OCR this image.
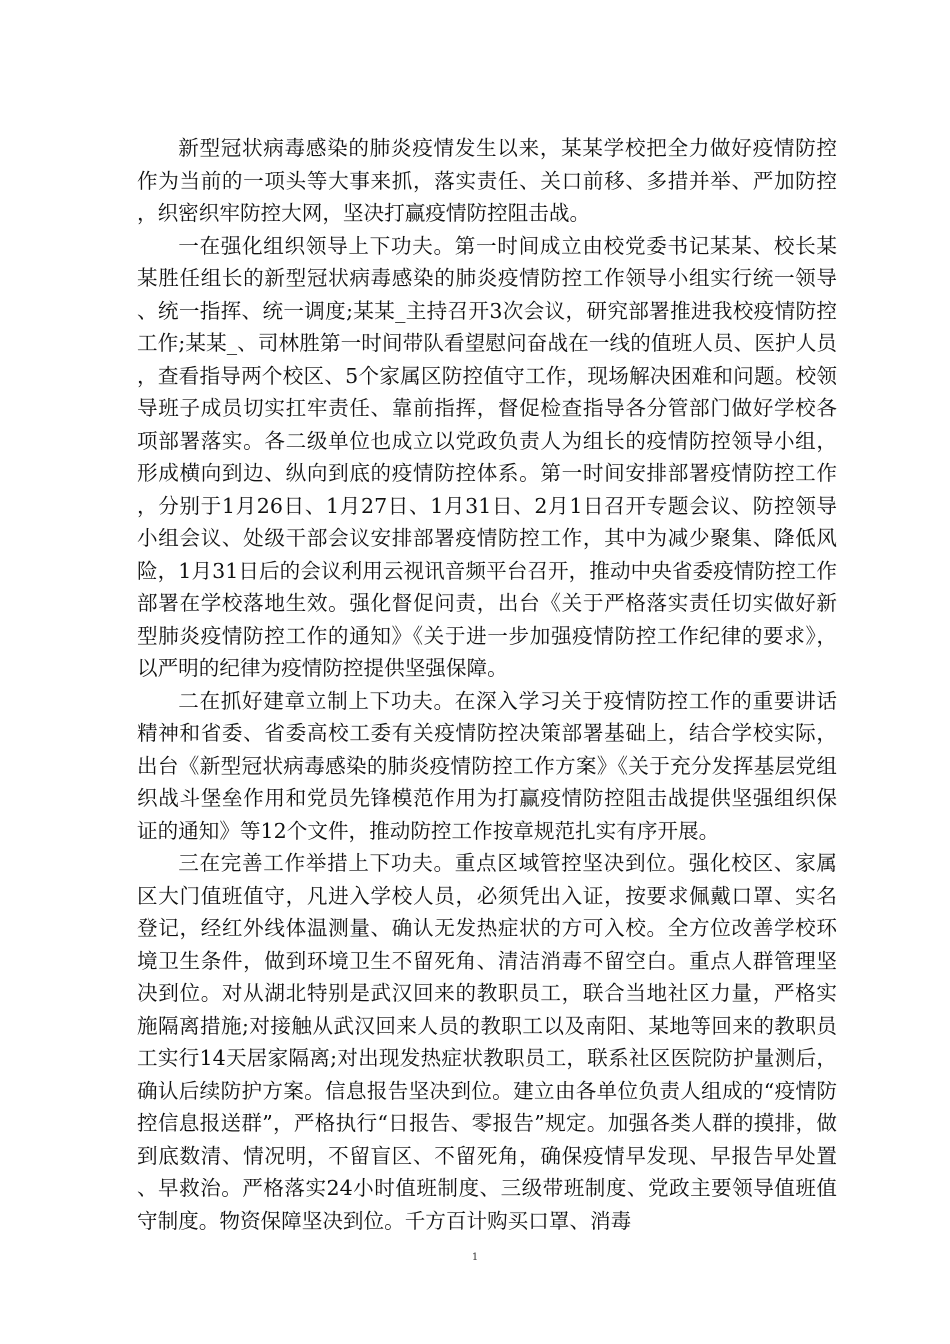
新型冠状病毒感染的肺炎疫情发生以来，某某学校把全力做好疫情防控作为当前的一项头等大事来抓，落实责任、关口前移、多措并举、严加防控，织密织牢防控大网，坚决打赢疫情防控阻击战。

一在强化组织领导上下功夫。第一时间成立由校党委书记某某、校长某某胜任组长的新型冠状病毒感染的肺炎疫情防控工作领导小组实行统一领导、统一指挥、统一调度;某某_主持召开3次会议，研究部署推进我校疫情防控工作;某某_、司林胜第一时间带队看望慰问奋战在一线的值班人员、医护人员，查看指导两个校区、5个家属区防控值守工作，现场解决困难和问题。校领导班子成员切实扛牢责任、靠前指挥，督促检查指导各分管部门做好学校各项部署落实。各二级单位也成立以党政负责人为组长的疫情防控领导小组，形成横向到边、纵向到底的疫情防控体系。第一时间安排部署疫情防控工作，分别于1月26日、1月27日、1月31日、2月1日召开专题会议、防控领导小组会议、处级干部会议安排部署疫情防控工作，其中为减少聚集、降低风险，1月31日后的会议利用云视讯音频平台召开，推动中央省委疫情防控工作部署在学校落地生效。强化督促问责，出台《关于严格落实责任切实做好新型肺炎疫情防控工作的通知》《关于进一步加强疫情防控工作纪律的要求》，以严明的纪律为疫情防控提供坚强保障。

二在抓好建章立制上下功夫。在深入学习关于疫情防控工作的重要讲话精神和省委、省委高校工委有关疫情防控决策部署基础上，结合学校实际，出台《新型冠状病毒感染的肺炎疫情防控工作方案》《关于充分发挥基层党组织战斗堡垒作用和党员先锋模范作用为打赢疫情防控阻击战提供坚强组织保证的通知》等12个文件，推动防控工作按章规范扎实有序开展。

三在完善工作举措上下功夫。重点区域管控坚决到位。强化校区、家属区大门值班值守，凡进入学校人员，必须凭出入证，按要求佩戴口罩、实名登记，经红外线体温测量、确认无发热症状的方可入校。全方位改善学校环境卫生条件，做到环境卫生不留死角、清洁消毒不留空白。重点人群管理坚决到位。对从湖北特别是武汉回来的教职员工，联合当地社区力量，严格实施隔离措施;对接触从武汉回来人员的教职工以及南阳、某地等回来的教职员工实行14天居家隔离;对出现发热症状教职员工，联系社区医院防护量测后，确认后续防护方案。信息报告坚决到位。建立由各单位负责人组成的“疫情防控信息报送群”，严格执行“日报告、零报告”规定。加强各类人群的摸排，做到底数清、情况明，不留盲区、不留死角，确保疫情早发现、早报告早处置、早救治。严格落实24小时值班制度、三级带班制度、党政主要领导值班值守制度。物资保障坚决到位。千方百计购买口罩、消毒

1
